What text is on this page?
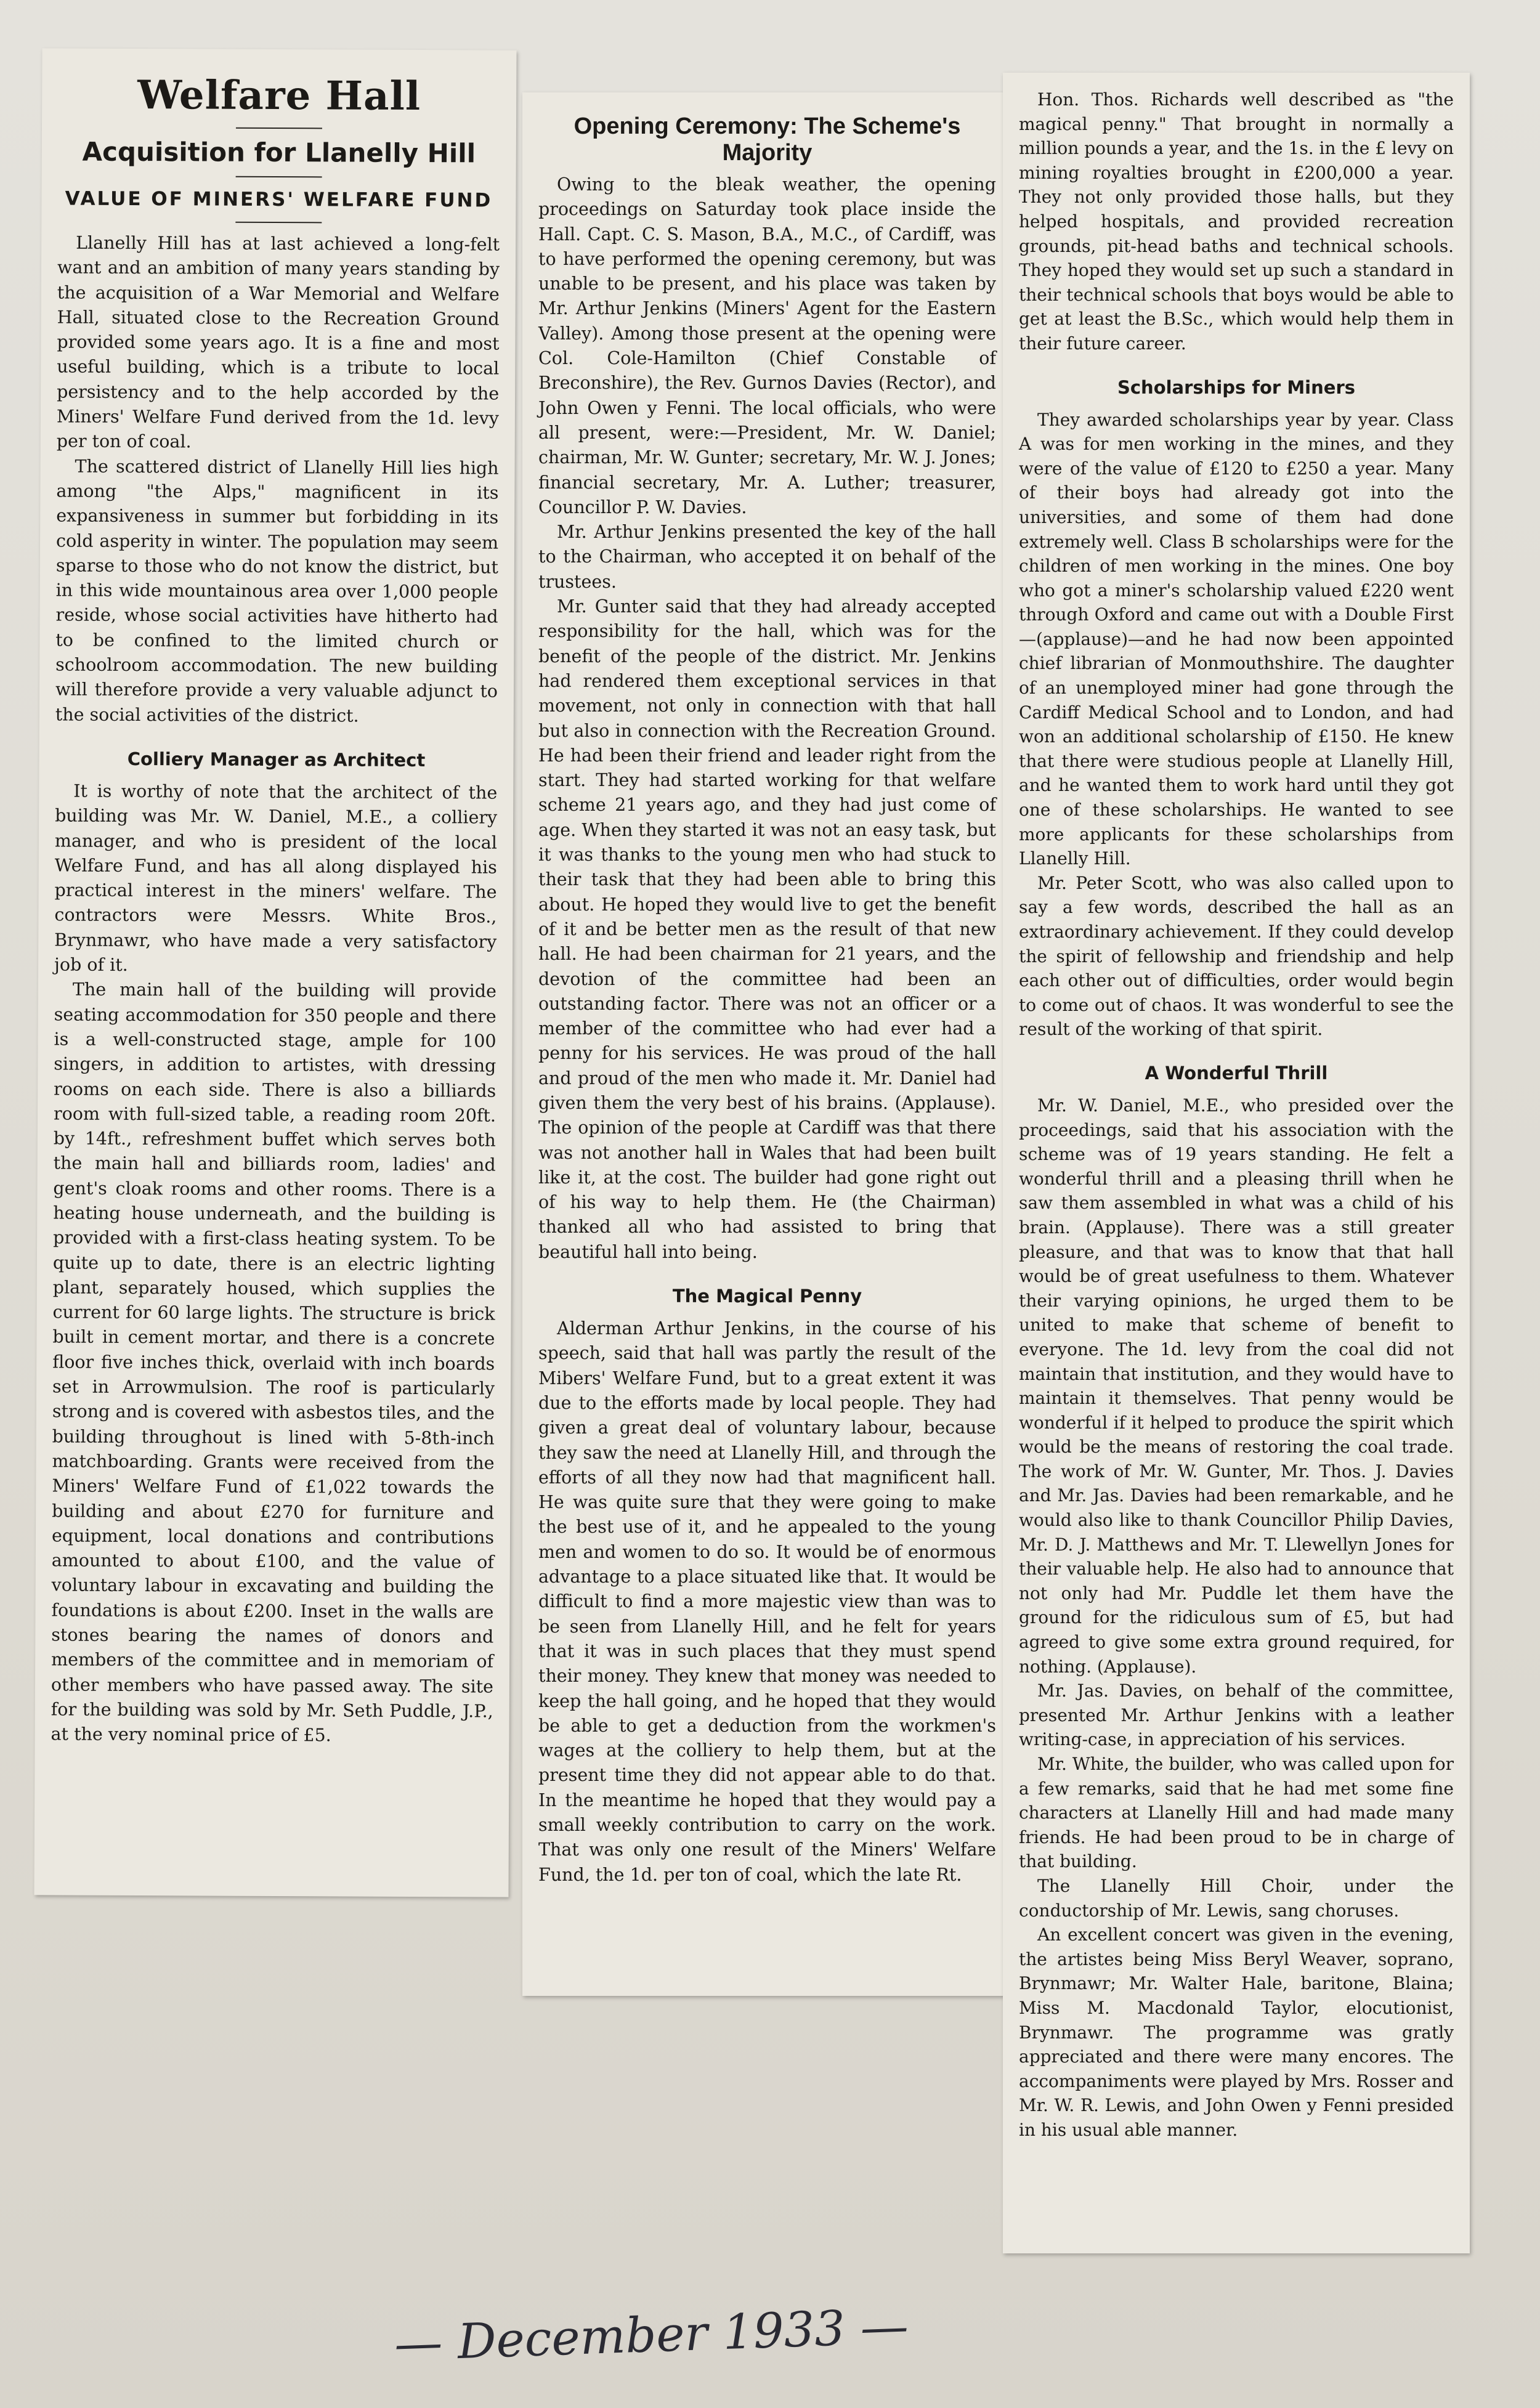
Welfare Hall
Acquisition for Llanelly Hill
VALUE OF MINERS' WELFARE FUND

Llanelly Hill has at last achieved a long-felt want and an ambition of many years standing by the acquisition of a War Memorial and Welfare Hall, situated close to the Recreation Ground provided some years ago. It is a fine and most useful building, which is a tribute to local persistency and to the help accorded by the Miners' Welfare Fund derived from the 1d. levy per ton of coal.

The scattered district of Llanelly Hill lies high among "the Alps," magnificent in its expansiveness in summer but forbidding in its cold asperity in winter. The population may seem sparse to those who do not know the district, but in this wide mountainous area over 1,000 people reside, whose social activities have hitherto had to be confined to the limited church or schoolroom accommodation. The new building will therefore provide a very valuable adjunct to the social activities of the district.

Colliery Manager as Architect

It is worthy of note that the architect of the building was Mr. W. Daniel, M.E., a colliery manager, and who is president of the local Welfare Fund, and has all along displayed his practical interest in the miners' welfare. The contractors were Messrs. White Bros., Brynmawr, who have made a very satisfactory job of it.

The main hall of the building will provide seating accommodation for 350 people and there is a well-constructed stage, ample for 100 singers, in addition to artistes, with dressing rooms on each side. There is also a billiards room with full-sized table, a reading room 20ft. by 14ft., refreshment buffet which serves both the main hall and billiards room, ladies' and gent's cloak rooms and other rooms. There is a heating house underneath, and the building is provided with a first-class heating system. To be quite up to date, there is an electric lighting plant, separately housed, which supplies the current for 60 large lights. The structure is brick built in cement mortar, and there is a concrete floor five inches thick, overlaid with inch boards set in Arrowmulsion. The roof is particularly strong and is covered with asbestos tiles, and the building throughout is lined with 5-8th-inch matchboarding. Grants were received from the Miners' Welfare Fund of £1,022 towards the building and about £270 for furniture and equipment, local donations and contributions amounted to about £100, and the value of voluntary labour in excavating and building the foundations is about £200. Inset in the walls are stones bearing the names of donors and members of the committee and in memoriam of other members who have passed away. The site for the building was sold by Mr. Seth Puddle, J.P., at the very nominal price of £5.

Opening Ceremony: The Scheme's Majority

Owing to the bleak weather, the opening proceedings on Saturday took place inside the Hall. Capt. C. S. Mason, B.A., M.C., of Cardiff, was to have performed the opening ceremony, but was unable to be present, and his place was taken by Mr. Arthur Jenkins (Miners' Agent for the Eastern Valley). Among those present at the opening were Col. Cole-Hamilton (Chief Constable of Breconshire), the Rev. Gurnos Davies (Rector), and John Owen y Fenni. The local officials, who were all present, were:—President, Mr. W. Daniel; chairman, Mr. W. Gunter; secretary, Mr. W. J. Jones; financial secretary, Mr. A. Luther; treasurer, Councillor P. W. Davies.

Mr. Arthur Jenkins presented the key of the hall to the Chairman, who accepted it on behalf of the trustees.

Mr. Gunter said that they had already accepted responsibility for the hall, which was for the benefit of the people of the district. Mr. Jenkins had rendered them exceptional services in that movement, not only in connection with that hall but also in connection with the Recreation Ground. He had been their friend and leader right from the start. They had started working for that welfare scheme 21 years ago, and they had just come of age. When they started it was not an easy task, but it was thanks to the young men who had stuck to their task that they had been able to bring this about. He hoped they would live to get the benefit of it and be better men as the result of that new hall. He had been chairman for 21 years, and the devotion of the committee had been an outstanding factor. There was not an officer or a member of the committee who had ever had a penny for his services. He was proud of the hall and proud of the men who made it. Mr. Daniel had given them the very best of his brains. (Applause). The opinion of the people at Cardiff was that there was not another hall in Wales that had been built like it, at the cost. The builder had gone right out of his way to help them. He (the Chairman) thanked all who had assisted to bring that beautiful hall into being.

The Magical Penny

Alderman Arthur Jenkins, in the course of his speech, said that hall was partly the result of the Mibers' Welfare Fund, but to a great extent it was due to the efforts made by local people. They had given a great deal of voluntary labour, because they saw the need at Llanelly Hill, and through the efforts of all they now had that magnificent hall. He was quite sure that they were going to make the best use of it, and he appealed to the young men and women to do so. It would be of enormous advantage to a place situated like that. It would be difficult to find a more majestic view than was to be seen from Llanelly Hill, and he felt for years that it was in such places that they must spend their money. They knew that money was needed to keep the hall going, and he hoped that they would be able to get a deduction from the workmen's wages at the colliery to help them, but at the present time they did not appear able to do that. In the meantime he hoped that they would pay a small weekly contribution to carry on the work. That was only one result of the Miners' Welfare Fund, the 1d. per ton of coal, which the late Rt.

Hon. Thos. Richards well described as "the magical penny." That brought in normally a million pounds a year, and the 1s. in the £ levy on mining royalties brought in £200,000 a year. They not only provided those halls, but they helped hospitals, and provided recreation grounds, pit-head baths and technical schools. They hoped they would set up such a standard in their technical schools that boys would be able to get at least the B.Sc., which would help them in their future career.

Scholarships for Miners

They awarded scholarships year by year. Class A was for men working in the mines, and they were of the value of £120 to £250 a year. Many of their boys had already got into the universities, and some of them had done extremely well. Class B scholarships were for the children of men working in the mines. One boy who got a miner's scholarship valued £220 went through Oxford and came out with a Double First—(applause)—and he had now been appointed chief librarian of Monmouthshire. The daughter of an unemployed miner had gone through the Cardiff Medical School and to London, and had won an additional scholarship of £150. He knew that there were studious people at Llanelly Hill, and he wanted them to work hard until they got one of these scholarships. He wanted to see more applicants for these scholarships from Llanelly Hill.

Mr. Peter Scott, who was also called upon to say a few words, described the hall as an extraordinary achievement. If they could develop the spirit of fellowship and friendship and help each other out of difficulties, order would begin to come out of chaos. It was wonderful to see the result of the working of that spirit.

A Wonderful Thrill

Mr. W. Daniel, M.E., who presided over the proceedings, said that his association with the scheme was of 19 years standing. He felt a wonderful thrill and a pleasing thrill when he saw them assembled in what was a child of his brain. (Applause). There was a still greater pleasure, and that was to know that that hall would be of great usefulness to them. Whatever their varying opinions, he urged them to be united to make that scheme of benefit to everyone. The 1d. levy from the coal did not maintain that institution, and they would have to maintain it themselves. That penny would be wonderful if it helped to produce the spirit which would be the means of restoring the coal trade. The work of Mr. W. Gunter, Mr. Thos. J. Davies and Mr. Jas. Davies had been remarkable, and he would also like to thank Councillor Philip Davies, Mr. D. J. Matthews and Mr. T. Llewellyn Jones for their valuable help. He also had to announce that not only had Mr. Puddle let them have the ground for the ridiculous sum of £5, but had agreed to give some extra ground required, for nothing. (Applause).

Mr. Jas. Davies, on behalf of the committee, presented Mr. Arthur Jenkins with a leather writing-case, in appreciation of his services.

Mr. White, the builder, who was called upon for a few remarks, said that he had met some fine characters at Llanelly Hill and had made many friends. He had been proud to be in charge of that building.

The Llanelly Hill Choir, under the conductorship of Mr. Lewis, sang choruses.

An excellent concert was given in the evening, the artistes being Miss Beryl Weaver, soprano, Brynmawr; Mr. Walter Hale, baritone, Blaina; Miss M. Macdonald Taylor, elocutionist, Brynmawr. The programme was gratly appreciated and there were many encores. The accompaniments were played by Mrs. Rosser and Mr. W. R. Lewis, and John Owen y Fenni presided in his usual able manner.

— December 1933 —
